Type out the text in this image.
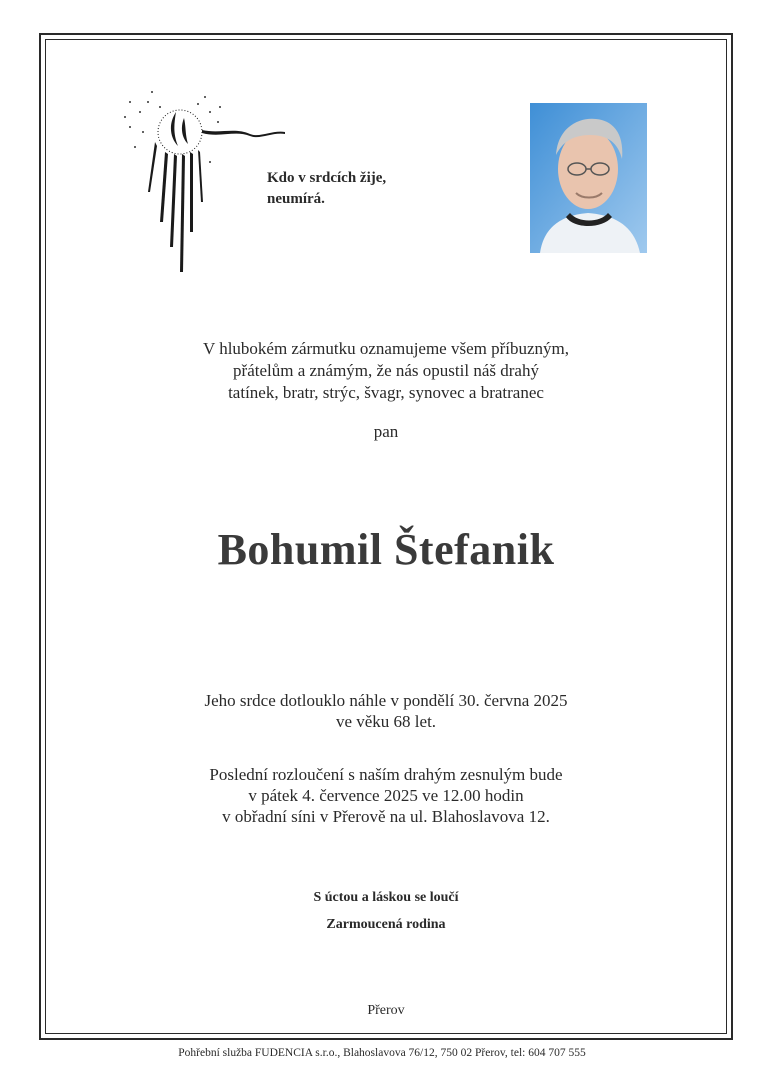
Kdo v srdcích žije,
neumírá.
V hlubokém zármutku oznamujeme všem příbuzným,
přátelům a známým, že nás opustil náš drahý
tatínek, bratr, strýc, švagr, synovec a bratranec
pan
Bohumil Štefanik
Jeho srdce dotlouklo náhle v pondělí 30. června 2025
ve věku 68 let.
Poslední rozloučení s naším drahým zesnulým bude
v pátek 4. července 2025 ve 12.00 hodin
v obřadní síni v Přerově na ul. Blahoslavova 12.
S úctou a láskou se loučí
Zarmoucená rodina
Přerov
Pohřební služba FUDENCIA s.r.o., Blahoslavova 76/12, 750 02 Přerov, tel: 604 707 555
